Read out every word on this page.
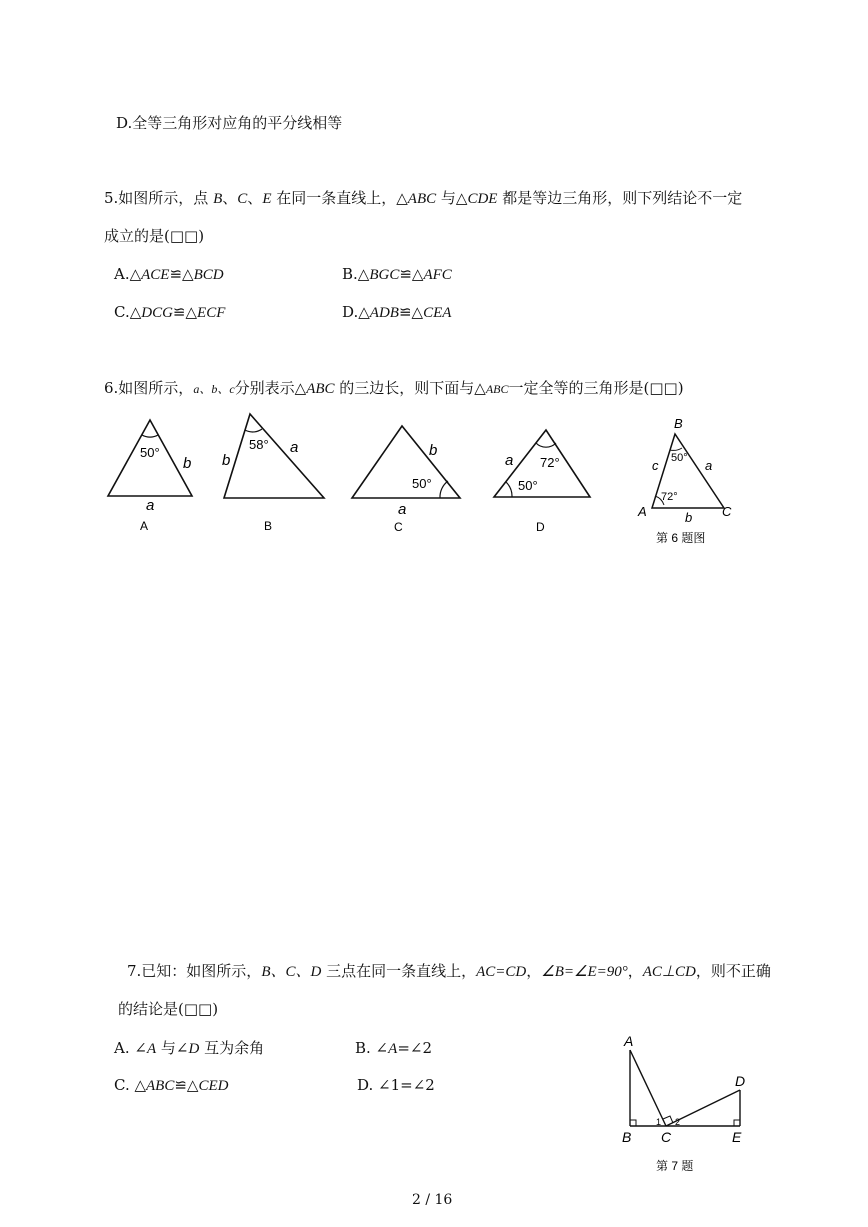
D.全等三角形对应角的平分线相等
5.如图所示，点 B、C、E 在同一条直线上，△ABC 与△CDE 都是等边三角形，则下列结论不一定
成立的是(□□)
A.△ACE≌△BCD	B.△BGC≌△AFC
C.△DCG≌△ECF	D.△ADB≌△CEA
6.如图所示，a、b、c分别表示△ABC 的三边长，则下面与△ABC一定全等的三角形是(□□)
50°
b
a
A
58°
b
a
B
50°
b
a
C
72°
50°
a
D
B
A	C
c	a
b
50°
72°
第 6 题图
7.已知：如图所示，B、C、D 三点在同一条直线上，AC=CD，∠B=∠E=90°，AC⊥CD，则不正确
的结论是(□□)
A. ∠A 与∠D 互为余角	B. ∠A=∠2
C. △ABC≌△CED	D. ∠1=∠2
A
B C
D
E
1 2
第 7 题
2 / 16
